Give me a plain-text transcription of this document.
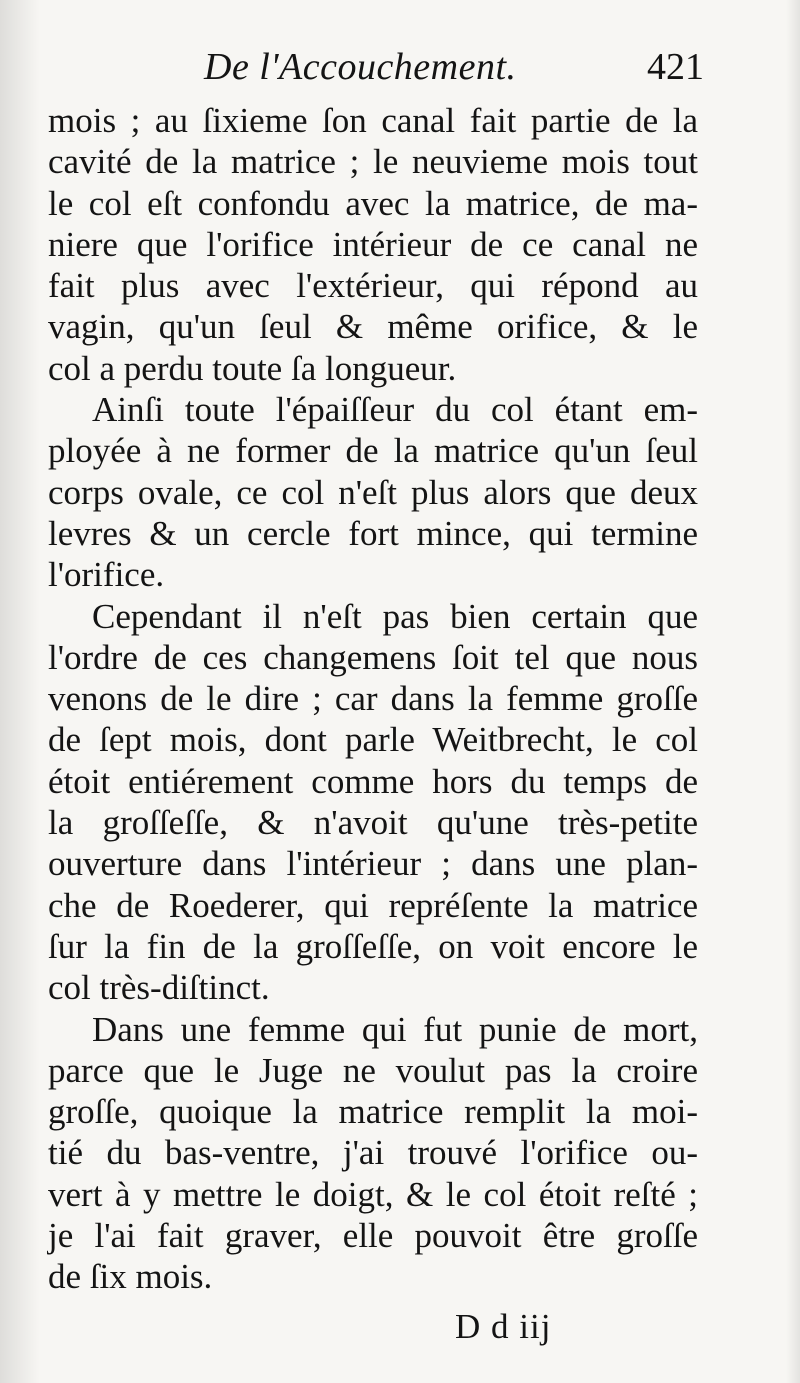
De l'Accouchement.	421
mois ; au ſixieme ſon canal fait partie de la
cavité de la matrice ; le neuvieme mois tout
le col eſt confondu avec la matrice, de ma-
niere que l'orifice intérieur de ce canal ne
fait plus avec l'extérieur, qui répond au
vagin, qu'un ſeul & même orifice, & le
col a perdu toute ſa longueur.
Ainſi toute l'épaiſſeur du col étant em-
ployée à ne former de la matrice qu'un ſeul
corps ovale, ce col n'eſt plus alors que deux
levres & un cercle fort mince, qui termine
l'orifice.
Cependant il n'eſt pas bien certain que
l'ordre de ces changemens ſoit tel que nous
venons de le dire ; car dans la femme groſſe
de ſept mois, dont parle Weitbrecht, le col
étoit entiérement comme hors du temps de
la groſſeſſe, & n'avoit qu'une très-petite
ouverture dans l'intérieur ; dans une plan-
che de Roederer, qui repréſente la matrice
ſur la fin de la groſſeſſe, on voit encore le
col très-diſtinct.
Dans une femme qui fut punie de mort,
parce que le Juge ne voulut pas la croire
groſſe, quoique la matrice remplit la moi-
tié du bas-ventre, j'ai trouvé l'orifice ou-
vert à y mettre le doigt, & le col étoit reſté ;
je l'ai fait graver, elle pouvoit être groſſe
de ſix mois.
D d iij
